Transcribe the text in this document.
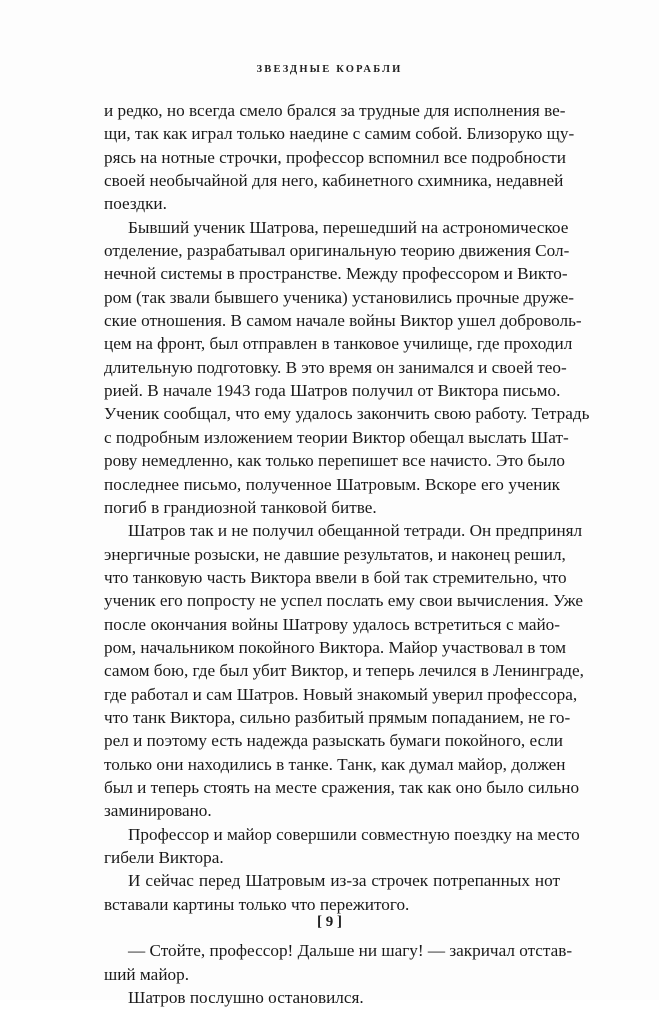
ЗВЕЗДНЫЕ КОРАБЛИ
и редко, но всегда смело брался за трудные для исполнения ве-
щи, так как играл только наедине с самим собой. Близоруко щу-
рясь на нотные строчки, профессор вспомнил все подробности
своей необычайной для него, кабинетного схимника, недавней
поездки.
Бывший ученик Шатрова, перешедший на астрономическое
отделение, разрабатывал оригинальную теорию движения Сол-
нечной системы в пространстве. Между профессором и Викто-
ром (так звали бывшего ученика) установились прочные друже-
ские отношения. В самом начале войны Виктор ушел доброволь-
цем на фронт, был отправлен в танковое училище, где проходил
длительную подготовку. В это время он занимался и своей тео-
рией. В начале 1943 года Шатров получил от Виктора письмо.
Ученик сообщал, что ему удалось закончить свою работу. Тетрадь
с подробным изложением теории Виктор обещал выслать Шат-
рову немедленно, как только перепишет все начисто. Это было
последнее письмо, полученное Шатровым. Вскоре его ученик
погиб в грандиозной танковой битве.
Шатров так и не получил обещанной тетради. Он предпринял
энергичные розыски, не давшие результатов, и наконец решил,
что танковую часть Виктора ввели в бой так стремительно, что
ученик его попросту не успел послать ему свои вычисления. Уже
после окончания войны Шатрову удалось встретиться с майо-
ром, начальником покойного Виктора. Майор участвовал в том
самом бою, где был убит Виктор, и теперь лечился в Ленинграде,
где работал и сам Шатров. Новый знакомый уверил профессора,
что танк Виктора, сильно разбитый прямым попаданием, не го-
рел и поэтому есть надежда разыскать бумаги покойного, если
только они находились в танке. Танк, как думал майор, должен
был и теперь стоять на месте сражения, так как оно было сильно
заминировано.
Профессор и майор совершили совместную поездку на место
гибели Виктора.
И сейчас перед Шатровым из-за строчек потрепанных нот
вставали картины только что пережитого.
— Стойте, профессор! Дальше ни шагу! — закричал отстав-
ший майор.
Шатров послушно остановился.
[ 9 ]
